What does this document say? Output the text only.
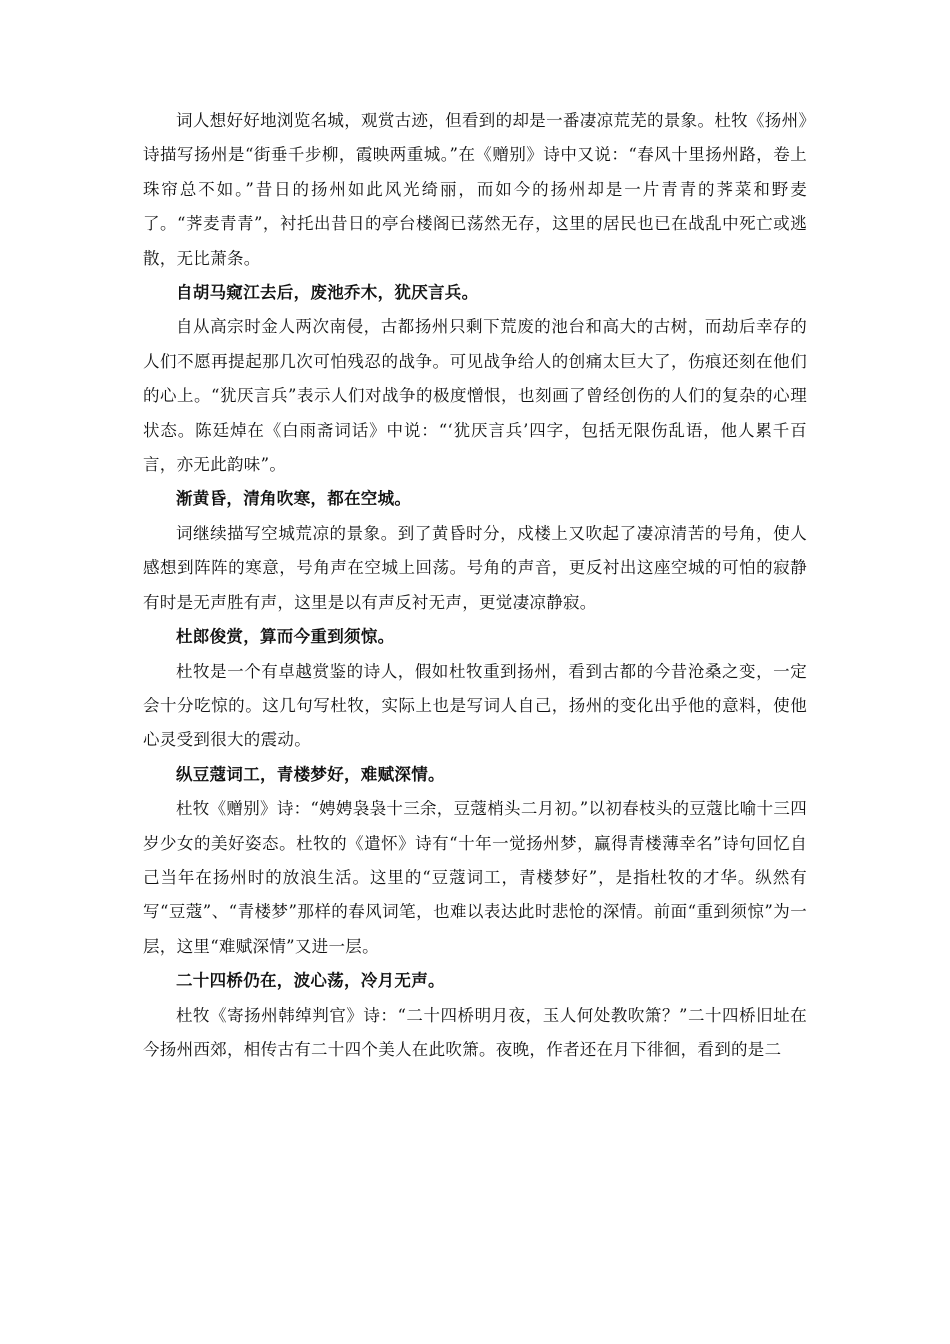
词人想好好地浏览名城，观赏古迹，但看到的却是一番凄凉荒芜的景象。杜牧《扬州》诗描写扬州是“街垂千步柳，霞映两重城。”在《赠别》诗中又说：“春风十里扬州路，卷上珠帘总不如。”昔日的扬州如此风光绮丽，而如今的扬州却是一片青青的荠菜和野麦了。“荠麦青青”，衬托出昔日的亭台楼阁已荡然无存，这里的居民也已在战乱中死亡或逃散，无比萧条。

自胡马窥江去后，废池乔木，犹厌言兵。

自从高宗时金人两次南侵，古都扬州只剩下荒废的池台和高大的古树，而劫后幸存的人们不愿再提起那几次可怕残忍的战争。可见战争给人的创痛太巨大了，伤痕还刻在他们的心上。“犹厌言兵”表示人们对战争的极度憎恨，也刻画了曾经创伤的人们的复杂的心理状态。陈廷焯在《白雨斋词话》中说：“‘犹厌言兵’四字，包括无限伤乱语，他人累千百言，亦无此韵味”。

渐黄昏，清角吹寒，都在空城。

词继续描写空城荒凉的景象。到了黄昏时分，戍楼上又吹起了凄凉清苦的号角，使人感想到阵阵的寒意，号角声在空城上回荡。号角的声音，更反衬出这座空城的可怕的寂静有时是无声胜有声，这里是以有声反衬无声，更觉凄凉静寂。

杜郎俊赏，算而今重到须惊。

杜牧是一个有卓越赏鉴的诗人，假如杜牧重到扬州，看到古都的今昔沧桑之变，一定会十分吃惊的。这几句写杜牧，实际上也是写词人自己，扬州的变化出乎他的意料，使他心灵受到很大的震动。

纵豆蔻词工，青楼梦好，难赋深情。

杜牧《赠别》诗：“娉娉袅袅十三余，豆蔻梢头二月初。”以初春枝头的豆蔻比喻十三四岁少女的美好姿态。杜牧的《遣怀》诗有“十年一觉扬州梦，赢得青楼薄幸名”诗句回忆自己当年在扬州时的放浪生活。这里的“豆蔻词工，青楼梦好”，是指杜牧的才华。纵然有写“豆蔻”、“青楼梦”那样的春风词笔，也难以表达此时悲怆的深情。前面“重到须惊”为一层，这里“难赋深情”又进一层。

二十四桥仍在，波心荡，冷月无声。

杜牧《寄扬州韩绰判官》诗：“二十四桥明月夜，玉人何处教吹箫？”二十四桥旧址在今扬州西郊，相传古有二十四个美人在此吹箫。夜晚，作者还在月下徘徊，看到的是二
